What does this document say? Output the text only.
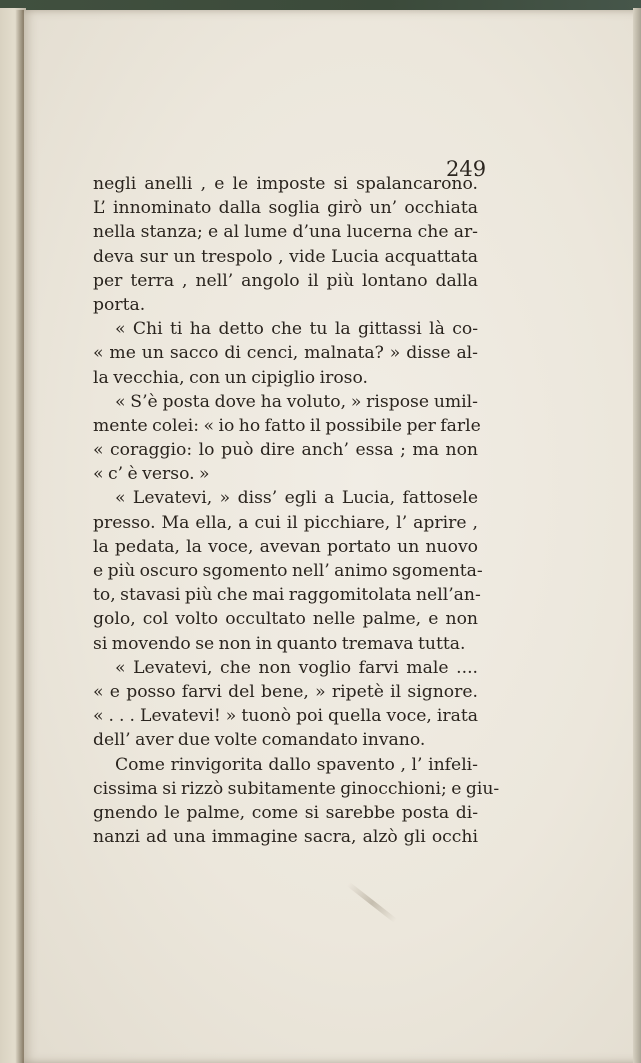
249
negli anelli , e le imposte si spalancarono.
L’ innominato dalla soglia girò un’ occhiata
nella stanza; e al lume d’una lucerna che ar-
deva sur un trespolo , vide Lucia acquattata
per terra , nell’ angolo il più lontano dalla
porta.
« Chi ti ha detto che tu la gittassi là co-
« me un sacco di cenci, malnata? » disse al-
la vecchia, con un cipiglio iroso.
« S’è posta dove ha voluto, » rispose umil-
mente colei: « io ho fatto il possibile per farle
« coraggio: lo può dire anch’ essa ; ma non
« c’ è verso. »
« Levatevi, » diss’ egli a Lucia, fattosele
presso. Ma ella, a cui il picchiare, l’ aprire ,
la pedata, la voce, avevan portato un nuovo
e più oscuro sgomento nell’ animo sgomenta-
to, stavasi più che mai raggomitolata nell’an-
golo, col volto occultato nelle palme, e non
si movendo se non in quanto tremava tutta.
« Levatevi, che non voglio farvi male ....
« e posso farvi del bene, » ripetè il signore.
« . . . Levatevi! » tuonò poi quella voce, irata
dell’ aver due volte comandato invano.
Come rinvigorita dallo spavento , l’ infeli-
cissima si rizzò subitamente ginocchioni; e giu-
gnendo le palme, come si sarebbe posta di-
nanzi ad una immagine sacra, alzò gli occhi
